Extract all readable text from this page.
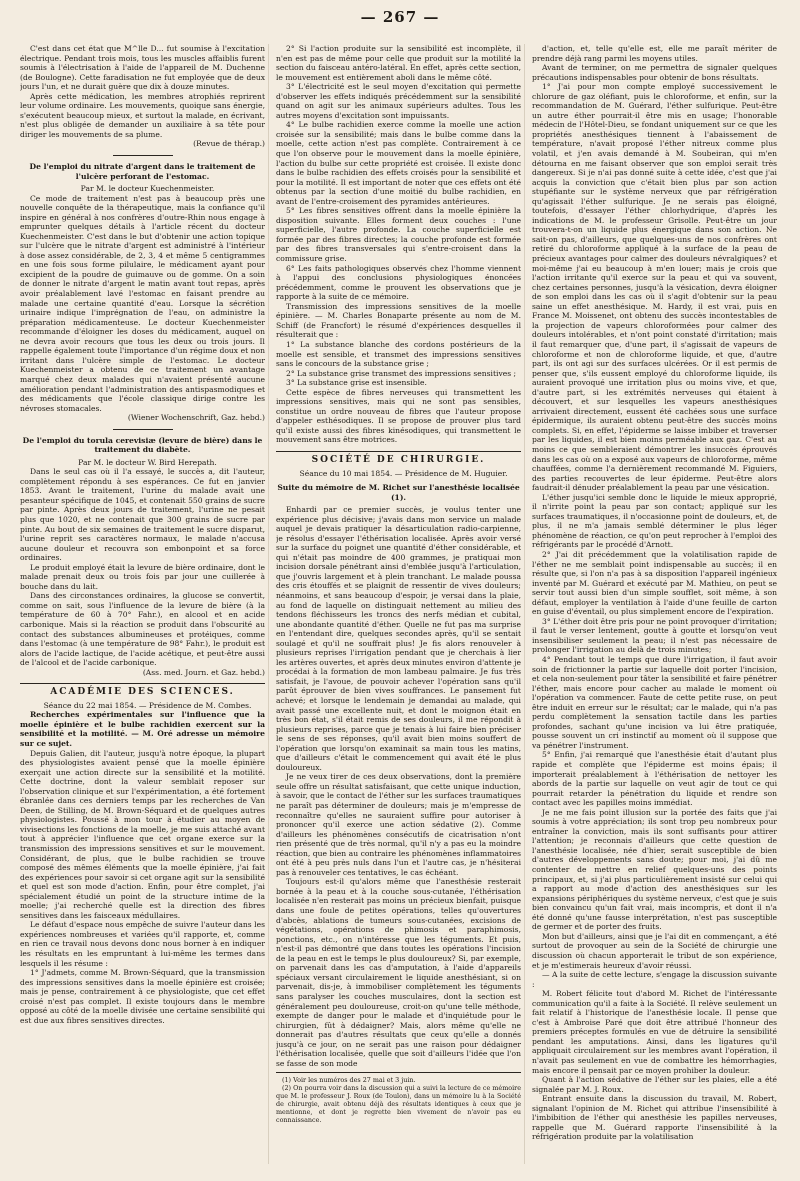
— 267 —

C'est dans cet état que M^lle D... fut soumise à l'excitation électrique. Pendant trois mois, tous les muscles affaiblis furent soumis à l'électrisation à l'aide de l'appareil de M. Duchenne (de Boulogne). Cette faradisation ne fut employée que de deux jours l'un, et ne durait guère que dix à douze minutes.

Après cette médication, les membres atrophiés reprirent leur volume ordinaire. Les mouvements, quoique sans énergie, s'exécutent beaucoup mieux, et surtout la malade, en écrivant, n'est plus obligée de demander un auxiliaire à sa tête pour diriger les mouvements de sa plume.

(Revue de thérap.)

De l'emploi du nitrate d'argent dans le traitement de l'ulcère perforant de l'estomac.

Par M. le docteur Kuechenmeister.

Ce mode de traitement n'est pas à beaucoup près une nouvelle conquête de la thérapeutique, mais la confiance qu'il inspire en général à nos confrères d'outre-Rhin nous engage à emprunter quelques détails à l'article récent du docteur Kuechenmeister. C'est dans le but d'obtenir une action topique sur l'ulcère que le nitrate d'argent est administré à l'intérieur à dose assez considérable, de 2, 3, 4 et même 5 centigrammes en une fois sous forme pilulaire, le médicament ayant pour excipient de la poudre de guimauve ou de gomme. On a soin de donner le nitrate d'argent le matin avant tout repas, après avoir préalablement lavé l'estomac en faisant prendre au malade une certaine quantité d'eau. Lorsque la sécrétion urinaire indique l'imprégnation de l'eau, on administre la préparation médicamenteuse. Le docteur Kuechenmeister recommande d'éloigner les doses du médicament, auquel on ne devra avoir recours que tous les deux ou trois jours. Il rappelle également toute l'importance d'un régime doux et non irritant dans l'ulcère simple de l'estomac. Le docteur Kuechenmeister a obtenu de ce traitement un avantage marqué chez deux malades qui n'avaient présenté aucune amélioration pendant l'administration des antispasmodiques et des médicaments que l'école classique dirige contre les névroses stomacales.

(Wiener Wochenschrift, Gaz. hebd.)

De l'emploi du torula cerevisiæ (levure de bière) dans le traitement du diabète.

Par M. le docteur W. Bird Herepath.

Dans le seul cas où il l'a essayé, le succès a, dit l'auteur, complètement répondu à ses espérances. Ce fut en janvier 1853. Avant le traitement, l'urine du malade avait une pesanteur spécifique de 1045, et contenait 550 grains de sucre par pinte. Après deux jours de traitement, l'urine ne pesait plus que 1020, et ne contenait que 300 grains de sucre par pinte. Au bout de six semaines de traitement le sucre disparut, l'urine reprit ses caractères normaux, le malade n'accusa aucune douleur et recouvra son embonpoint et sa force ordinaires.

Le produit employé était la levure de bière ordinaire, dont le malade prenait deux ou trois fois par jour une cuillerée à bouche dans du lait.

Dans des circonstances ordinaires, la glucose se convertit, comme on sait, sous l'influence de la levure de bière (à la température de 60 à 70° Fahr.), en alcool et en acide carbonique. Mais si la réaction se produit dans l'obscurité au contact des substances albumineuses et protéiques, comme dans l'estomac (à une température de 98° Fahr.), le produit est alors de l'acide lactique, de l'acide acétique, et peut-être aussi de l'alcool et de l'acide carbonique.

(Ass. med. Journ. et Gaz. hebd.)

ACADÉMIE DES SCIENCES.

Séance du 22 mai 1854. — Présidence de M. Combes.

Recherches expérimentales sur l'influence que la moelle épinière et le bulbe rachidien exercent sur la sensibilité et la motilité. — M. Oré adresse un mémoire sur ce sujet.

Depuis Galien, dit l'auteur, jusqu'à notre époque, la plupart des physiologistes avaient pensé que la moelle épinière exerçait une action directe sur la sensibilité et la motilité. Cette doctrine, dont la valeur semblait reposer sur l'observation clinique et sur l'expérimentation, a été fortement ébranlée dans ces derniers temps par les recherches de Van Deen, de Stilling, de M. Brown-Séquard et de quelques autres physiologistes. Poussé à mon tour à étudier au moyen de vivisections les fonctions de la moelle, je me suis attaché avant tout à apprécier l'influence que cet organe exerce sur la transmission des impressions sensitives et sur le mouvement. Considérant, de plus, que le bulbe rachidien se trouve composé des mêmes éléments que la moelle épinière, j'ai fait des expériences pour savoir si cet organe agit sur la sensibilité et quel est son mode d'action. Enfin, pour être complet, j'ai spécialement étudié un point de la structure intime de la moelle; j'ai recherché quelle est la direction des fibres sensitives dans les faisceaux médullaires.

Le défaut d'espace nous empêche de suivre l'auteur dans les expériences nombreuses et variées qu'il rapporte, et, comme en rien ce travail nous devons donc nous borner à en indiquer les résultats en les empruntant à lui-même les termes dans lesquels il les résume :

1° J'admets, comme M. Brown-Séquard, que la transmission des impressions sensitives dans la moelle épinière est croisée; mais je pense, contrairement à ce physiologiste, que cet effet croisé n'est pas complet. Il existe toujours dans le membre opposé au côté de la moelle divisée une certaine sensibilité qui est due aux fibres sensitives directes.

2° Si l'action produite sur la sensibilité est incomplète, il n'en est pas de même pour celle que produit sur la motilité la section du faisceau antéro-latéral. En effet, après cette section, le mouvement est entièrement aboli dans le même côté.

3° L'électricité est le seul moyen d'excitation qui permette d'observer les effets indiqués précédemment sur la sensibilité quand on agit sur les animaux supérieurs adultes. Tous les autres moyens d'excitation sont impuissants.

4° Le bulbe rachidien exerce comme la moelle une action croisée sur la sensibilité; mais dans le bulbe comme dans la moelle, cette action n'est pas complète. Contrairement à ce que l'on observe pour le mouvement dans la moelle épinière, l'action du bulbe sur cette propriété est croisée. Il existe donc dans le bulbe rachidien des effets croisés pour la sensibilité et pour la motilité. Il est important de noter que ces effets ont été obtenus par la section d'une moitié du bulbe rachidien, en avant de l'entre-croisement des pyramides antérieures.

5° Les fibres sensitives offrent dans la moelle épinière la disposition suivante. Elles forment deux couches : l'une superficielle, l'autre profonde. La couche superficielle est formée par des fibres directes; la couche profonde est formée par des fibres transversales qui s'entre-croisent dans la commissure grise.

6° Les faits pathologiques observés chez l'homme viennent à l'appui des conclusions physiologiques énoncées précédemment, comme le prouvent les observations que je rapporte à la suite de ce mémoire.

Transmission des impressions sensitives de la moelle épinière. — M. Charles Bonaparte présente au nom de M. Schiff (de Francfort) le résumé d'expériences desquelles il résulterait que :

1° La substance blanche des cordons postérieurs de la moelle est sensible, et transmet des impressions sensitives sans le concours de la substance grise ;

2° La substance grise transmet des impressions sensitives ;

3° La substance grise est insensible.

Cette espèce de fibres nerveuses qui transmettent les impressions sensitives, mais qui ne sont pas sensibles, constitue un ordre nouveau de fibres que l'auteur propose d'appeler esthésodiques. Il se propose de prouver plus tard qu'il existe aussi des fibres kinésodiques, qui transmettent le mouvement sans être motrices.

SOCIÉTÉ DE CHIRURGIE.

Séance du 10 mai 1854. — Présidence de M. Huguier.

Suite du mémoire de M. Richet sur l'anesthésie localisée (1).

Enhardi par ce premier succès, je voulus tenter une expérience plus décisive; j'avais dans mon service un malade auquel je devais pratiquer la désarticulation radio-carpienne, je résolus d'essayer l'éthérisation localisée. Après avoir versé sur la surface du poignet une quantité d'éther considérable, et qui n'était pas moindre de 400 grammes, je pratiquai mon incision dorsale pénétrant ainsi d'emblée jusqu'à l'articulation, que j'ouvris largement et à plein tranchant. Le malade poussa des cris étouffés et se plaignit de ressentir de vives douleurs; néanmoins, et sans beaucoup d'espoir, je versai dans la plaie, au fond de laquelle on distinguait nettement au milieu des tendons fléchisseurs les troncs des nerfs médian et cubital, une abondante quantité d'éther. Quelle ne fut pas ma surprise en l'entendant dire, quelques secondes après, qu'il se sentait soulagé et qu'il ne souffrait plus! Je fis alors renouveler à plusieurs reprises l'irrigation pendant que je cherchais à lier les artères ouvertes, et après deux minutes environ d'attente je procédai à la formation de mon lambeau palmaire. Je fus très satisfait, je l'avoue, de pouvoir achever l'opération sans qu'il parût éprouver de bien vives souffrances. Le pansement fut achevé; et lorsque le lendemain je demandai au malade, qui avait passé une excellente nuit, et dont le moignon était en très bon état, s'il était remis de ses douleurs, il me répondit à plusieurs reprises, parce que je tenais à lui faire bien préciser le sens de ses réponses, qu'il avait bien moins souffert de l'opération que lorsqu'on examinait sa main tous les matins, que d'ailleurs c'était le commencement qui avait été le plus douloureux.

Je ne veux tirer de ces deux observations, dont la première seule offre un résultat satisfaisant, que cette unique induction, à savoir, que le contact de l'éther sur les surfaces traumatiques ne paraît pas déterminer de douleurs; mais je m'empresse de reconnaître qu'elles ne sauraient suffire pour autoriser à prononcer qu'il exerce une action sédative (2). Comme d'ailleurs les phénomènes consécutifs de cicatrisation n'ont rien présenté que de très normal, qu'il n'y a pas eu la moindre réaction, que bien au contraire les phénomènes inflammatoires ont été à peu près nuls dans l'un et l'autre cas, je n'hésiterai pas à renouveler ces tentatives, le cas échéant.

Toujours est-il qu'alors même que l'anesthésie resterait bornée à la peau et à la couche sous-cutanée, l'éthérisation localisée n'en resterait pas moins un précieux bienfait, puisque dans une foule de petites opérations, telles qu'ouvertures d'abcès, ablations de tumeurs sous-cutanées, excisions de végétations, opérations de phimosis et paraphimosis, ponctions, etc., on n'intéresse que les téguments. Et puis, n'est-il pas démontré que dans toutes les opérations l'incision de la peau en est le temps le plus douloureux? Si, par exemple, on parvenait dans les cas d'amputation, à l'aide d'appareils spéciaux versant circulairement le liquide anesthésiant, si on parvenait, dis-je, à immobiliser complètement les téguments sans paralyser les couches musculaires, dont la section est généralement peu douloureuse, croit-on qu'une telle méthode, exempte de danger pour le malade et d'inquiétude pour le chirurgien, fût à dédaigner? Mais, alors même qu'elle ne donnerait pas d'autres résultats que ceux qu'elle a donnés jusqu'à ce jour, on ne serait pas une raison pour dédaigner l'éthérisation localisée, quelle que soit d'ailleurs l'idée que l'on se fasse de son mode

(1) Voir les numéros des 27 mai et 3 juin.

(2) On pourra voir dans la discussion qui a suivi la lecture de ce mémoire que M. le professeur J. Roux (de Toulon), dans un mémoire lu à la Société de chirurgie, avait obtenu déjà des résultats identiques à ceux que je mentionne, et dont je regrette bien vivement de n'avoir pas eu connaissance.

d'action, et, telle qu'elle est, elle me paraît mériter de prendre déjà rang parmi les moyens utiles.

Avant de terminer, on me permettra de signaler quelques précautions indispensables pour obtenir de bons résultats.

1° J'ai pour mon compte employé successivement le chlorure de gaz oléfiant, puis le chloroforme, et enfin, sur la recommandation de M. Guérard, l'éther sulfurique. Peut-être un autre éther pourrait-il être mis en usage; l'honorable médecin de l'Hôtel-Dieu, se fondant uniquement sur ce que les propriétés anesthésiques tiennent à l'abaissement de température, n'avait proposé l'éther nitreux comme plus volatil, et j'en avais demandé à M. Soubeiran, qui m'en détourna en me faisant observer que son emploi serait très dangereux. Si je n'ai pas donné suite à cette idée, c'est que j'ai acquis la conviction que c'était bien plus par son action stupéfiante sur le système nerveux que par réfrigération qu'agissait l'éther sulfurique. Je ne serais pas éloigné, toutefois, d'essayer l'éther chlorhydrique, d'après les indications de M. le professeur Grisolle. Peut-être un jour trouvera-t-on un liquide plus énergique dans son action. Ne sait-on pas, d'ailleurs, que quelques-uns de nos confrères ont retiré du chloroforme appliqué à la surface de la peau de précieux avantages pour calmer des douleurs névralgiques? et moi-même j'ai eu beaucoup à m'en louer; mais je crois que l'action irritante qu'il exerce sur la peau et qui va souvent, chez certaines personnes, jusqu'à la vésication, devra éloigner de son emploi dans les cas où il s'agit d'obtenir sur la peau saine un effet anesthésique. M. Hardy, il est vrai, puis en France M. Moissenet, ont obtenu des succès incontestables de la projection de vapeurs chloroformées pour calmer des douleurs intolérables, et n'ont point constaté d'irritation; mais il faut remarquer que, d'une part, il s'agissait de vapeurs de chloroforme et non de chloroforme liquide, et que, d'autre part, ils ont agi sur des surfaces ulcérées. Or il est permis de penser que, s'ils eussent employé du chloroforme liquide, ils auraient provoqué une irritation plus ou moins vive, et que, d'autre part, si les extrémités nerveuses qui étaient à découvert, et sur lesquelles les vapeurs anesthésiques arrivaient directement, eussent été cachées sous une surface épidermique, ils auraient obtenu peut-être des succès moins complets. Si, en effet, l'épiderme se laisse imbiber et traverser par les liquides, il est bien moins perméable aux gaz. C'est au moins ce que sembleraient démontrer les insuccès éprouvés dans les cas où on a exposé aux vapeurs de chloroforme, même chauffées, comme l'a dernièrement recommandé M. Figuiers, des parties recouvertes de leur épiderme. Peut-être alors faudrait-il dénuder préalablement la peau par une vésication.

L'éther jusqu'ici semble donc le liquide le mieux approprié, il n'irrite point la peau par son contact; appliqué sur les surfaces traumatiques, il n'occasionne point de douleurs, et, de plus, il ne m'a jamais semblé déterminer le plus léger phénomène de réaction, ce qu'on peut reprocher à l'emploi des réfrigérants par le procédé d'Arnott.

2° J'ai dit précédemment que la volatilisation rapide de l'éther ne me semblait point indispensable au succès; il en résulte que, si l'on n'a pas à sa disposition l'appareil ingénieux inventé par M. Guérard et exécuté par M. Mathieu, on peut se servir tout aussi bien d'un simple soufflet, soit même, à son défaut, employer la ventilation à l'aide d'une feuille de carton en guise d'éventail, ou plus simplement encore de l'expiration.

3° L'éther doit être pris pour ne point provoquer d'irritation; il faut le verser lentement, goutte à goutte et lorsqu'on veut insensibiliser seulement la peau; il n'est pas nécessaire de prolonger l'irrigation au delà de trois minutes;

4° Pendant tout le temps que dure l'irrigation, il faut avoir soin de frictionner la partie sur laquelle doit porter l'incision, et cela non-seulement pour tâter la sensibilité et faire pénétrer l'éther, mais encore pour cacher au malade le moment où l'opération va commencer. Faute de cette petite ruse, on peut être induit en erreur sur le résultat; car le malade, qui n'a pas perdu complètement la sensation tactile dans les parties profondes, sachant qu'une incision va lui être pratiquée, pousse souvent un cri instinctif au moment où il suppose que va pénétrer l'instrument.

5° Enfin, j'ai remarqué que l'anesthésie était d'autant plus rapide et complète que l'épiderme est moins épais; il importerait préalablement à l'éthérisation de nettoyer les abords de la partie sur laquelle on veut agir de tout ce qui pourrait retarder la pénétration du liquide et rendre son contact avec les papilles moins immédiat.

Je ne me fais point illusion sur la portée des faits que j'ai soumis à votre appréciation; ils sont trop peu nombreux pour entraîner la conviction, mais ils sont suffisants pour attirer l'attention; je reconnais d'ailleurs que cette question de l'anesthésie localisée, née d'hier, serait susceptible de bien d'autres développements sans doute; pour moi, j'ai dû me contenter de mettre en relief quelques-uns des points principaux, et, si j'ai plus particulièrement insisté sur celui qui a rapport au mode d'action des anesthésiques sur les expansions périphériques du système nerveux, c'est que je suis bien convaincu qu'un fait vrai, mais incompris, et dont il n'a été donné qu'une fausse interprétation, n'est pas susceptible de germer et de porter des fruits.

Mon but d'ailleurs, ainsi que je l'ai dit en commençant, a été surtout de provoquer au sein de la Société de chirurgie une discussion où chacun apporterait le tribut de son expérience, et je m'estimerais heureux d'avoir réussi.

— A la suite de cette lecture, s'engage la discussion suivante :

M. Robert félicite tout d'abord M. Richet de l'intéressante communication qu'il a faite à la Société. Il relève seulement un fait relatif à l'historique de l'anesthésie locale. Il pense que c'est à Ambroise Paré que doit être attribué l'honneur des premiers préceptes formulés en vue de détruire la sensibilité pendant les amputations. Ainsi, dans les ligatures qu'il appliquait circulairement sur les membres avant l'opération, il n'avait pas seulement en vue de combattre les hémorrhagies, mais encore il pensait par ce moyen prohiber la douleur.

Quant à l'action sédative de l'éther sur les plaies, elle a été signalée par M. J. Roux.

Entrant ensuite dans la discussion du travail, M. Robert, signalant l'opinion de M. Richet qui attribue l'insensibilité à l'imbibition de l'éther qui anesthésie les papilles nerveuses, rappelle que M. Guérard rapporte l'insensibilité à la réfrigération produite par la volatilisation
